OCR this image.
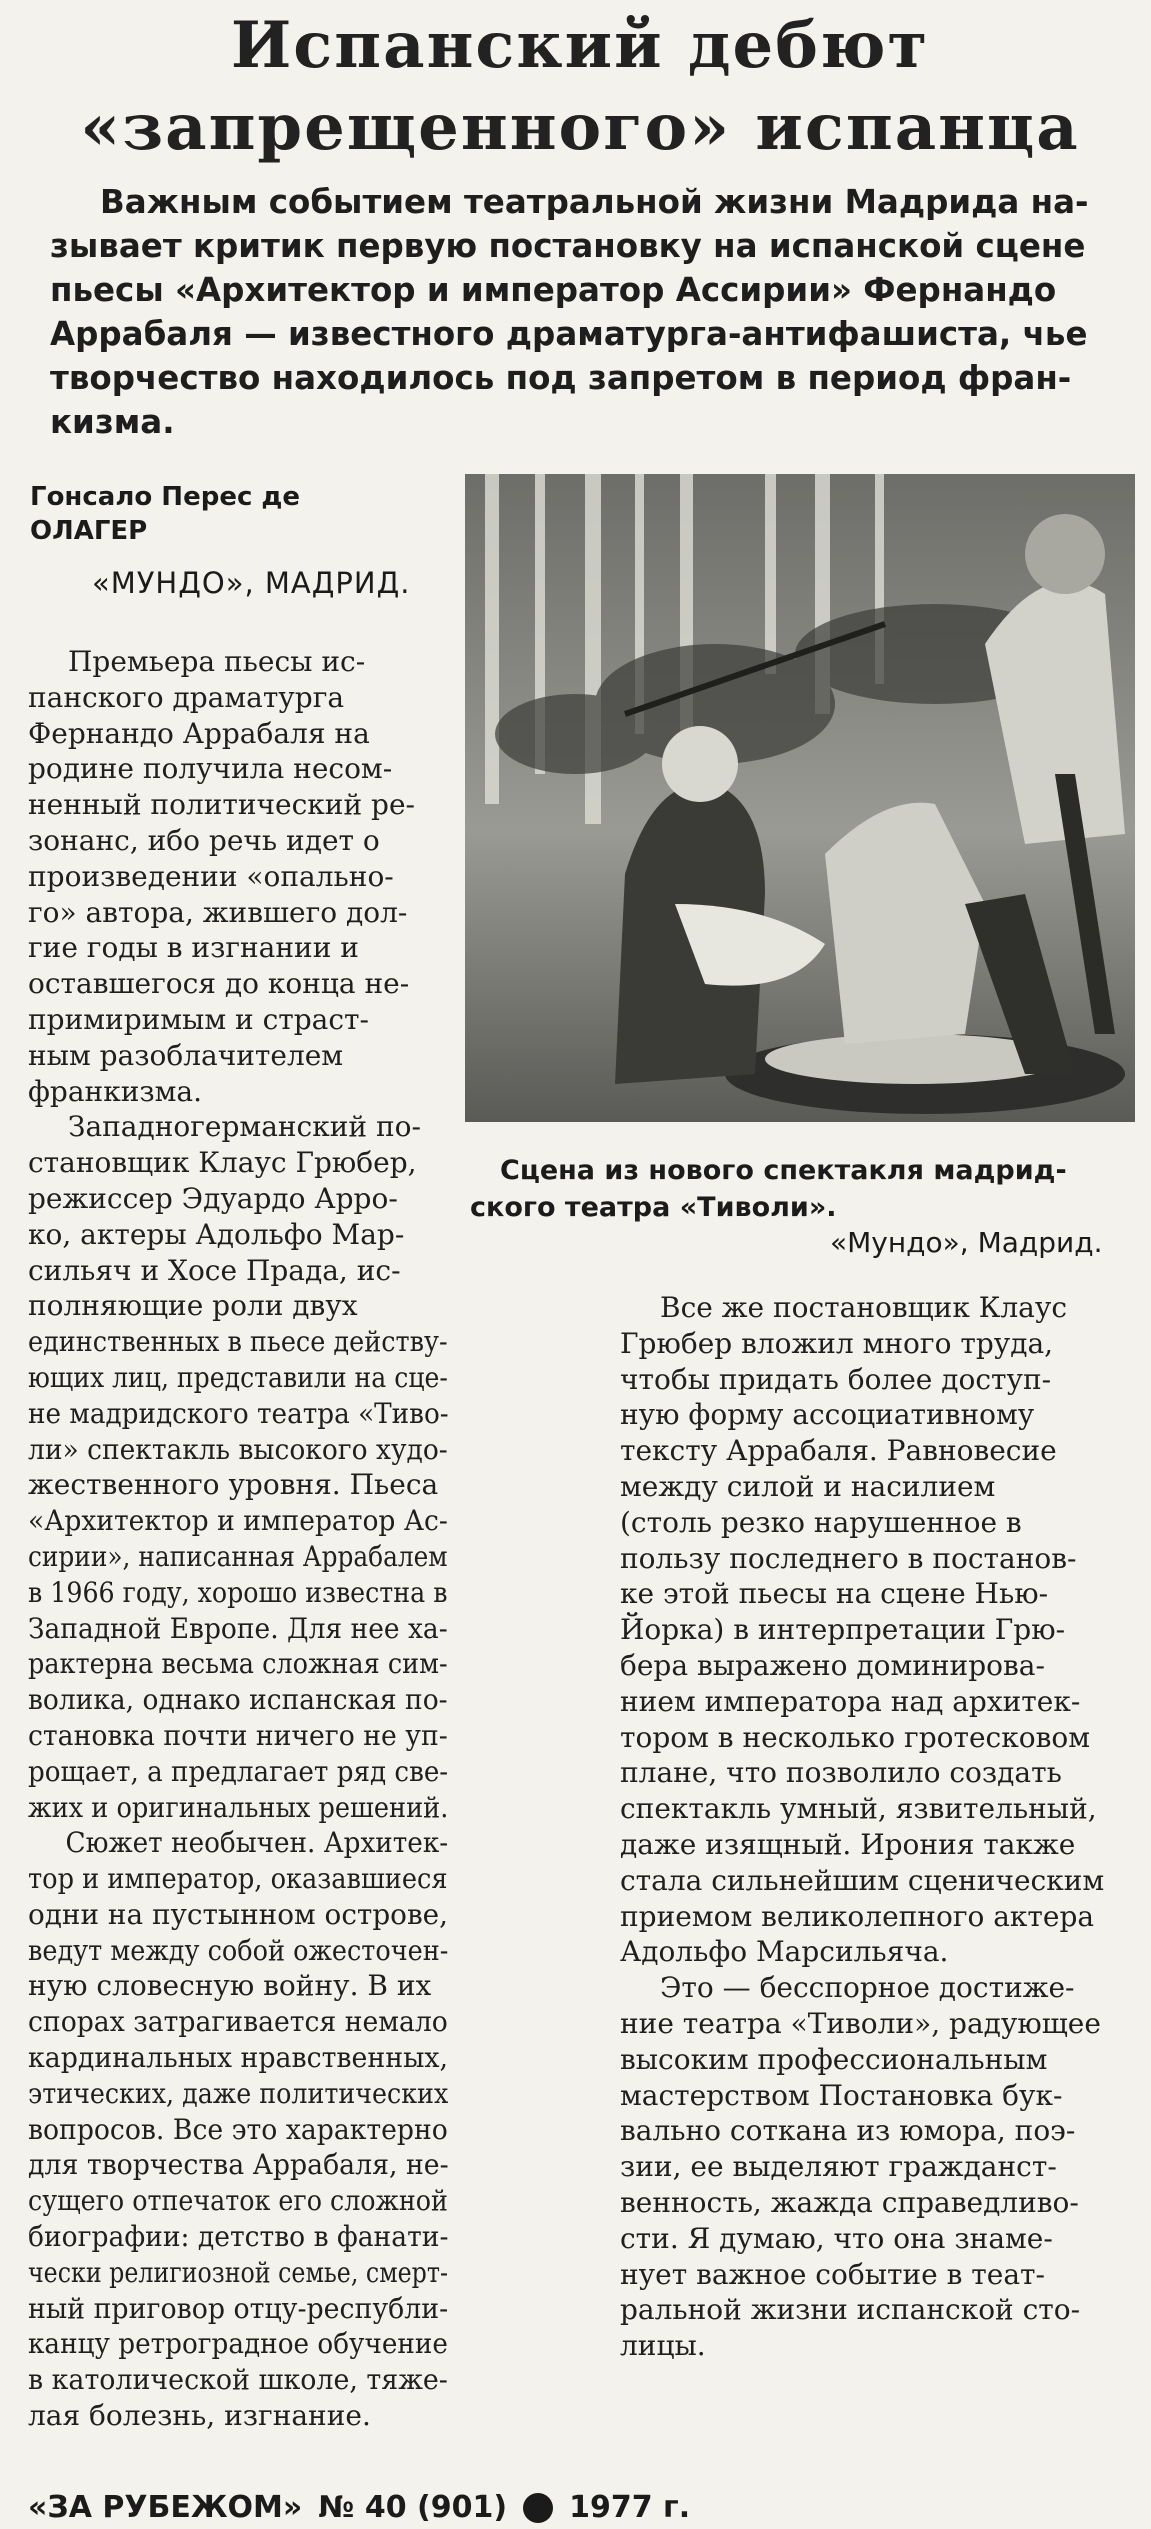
Испанский дебют
«запрещенного» испанца
Важным событием театральной жизни Мадрида на-
зывает критик первую постановку на испанской сцене
пьесы «Архитектор и император Ассирии» Фернандо
Аррабаля — известного драматурга-антифашиста, чье
творчество находилось под запретом в период фран-
кизма.
Гонсало Перес де
ОЛАГЕР
«МУНДО», МАДРИД.
Сцена из нового спектакля мадрид-
ского театра «Тиволи».
«Мундо», Мадрид.
Премьера пьесы ис-
панского драматурга
Фернандо Аррабаля на
родине получила несом-
ненный политический ре-
зонанс, ибо речь идет о
произведении «опально-
го» автора, жившего дол-
гие годы в изгнании и
оставшегося до конца не-
примиримым и страст-
ным разоблачителем
франкизма.
Западногерманский по-
становщик Клаус Грюбер,
режиссер Эдуардо Арро-
ко, актеры Адольфо Мар-
сильяч и Хосе Прада, ис-
полняющие роли двух
единственных в пьесе действу-
ющих лиц, представили на сце-
не мадридского театра «Тиво-
ли» спектакль высокого худо-
жественного уровня. Пьеса
«Архитектор и император Ас-
сирии», написанная Аррабалем
в 1966 году, хорошо известна в
Западной Европе. Для нее ха-
рактерна весьма сложная сим-
волика, однако испанская по-
становка почти ничего не уп-
рощает, а предлагает ряд све-
жих и оригинальных решений.
Сюжет необычен. Архитек-
тор и император, оказавшиеся
одни на пустынном острове,
ведут между собой ожесточен-
ную словесную войну. В их
спорах затрагивается немало
кардинальных нравственных,
этических, даже политических
вопросов. Все это характерно
для творчества Аррабаля, не-
сущего отпечаток его сложной
биографии: детство в фанати-
чески религиозной семье, смерт-
ный приговор отцу-республи-
канцу ретроградное обучение
в католической школе, тяже-
лая болезнь, изгнание.
Все же постановщик Клаус
Грюбер вложил много труда,
чтобы придать более доступ-
ную форму ассоциативному
тексту Аррабаля. Равновесие
между силой и насилием
(столь резко нарушенное в
пользу последнего в постанов-
ке этой пьесы на сцене Нью-
Йорка) в интерпретации Грю-
бера выражено доминирова-
нием императора над архитек-
тором в несколько гротесковом
плане, что позволило создать
спектакль умный, язвительный,
даже изящный. Ирония также
стала сильнейшим сценическим
приемом великолепного актера
Адольфо Марсильяча.
Это — бесспорное достиже-
ние театра «Тиволи», радующее
высоким профессиональным
мастерством Постановка бук-
вально соткана из юмора, поэ-
зии, ее выделяют гражданст-
венность, жажда справедливо-
сти. Я думаю, что она знаме-
нует важное событие в теат-
ральной жизни испанской сто-
лицы.
«ЗА РУБЕЖОМ» № 40 (901) 1977 г.
